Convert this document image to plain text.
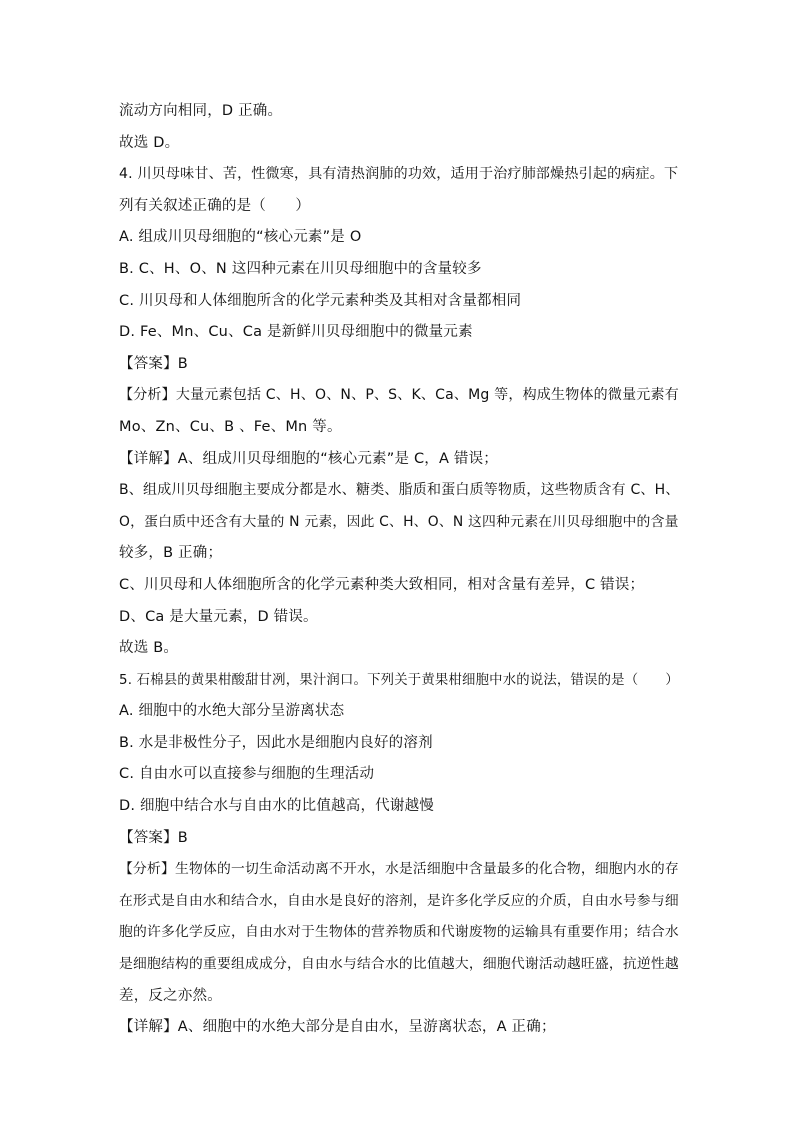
流动方向相同，D 正确。
故选 D。
4. 川贝母味甘、苦，性微寒，具有清热润肺的功效，适用于治疗肺部燥热引起的病症。下
列有关叙述正确的是（　　）
A. 组成川贝母细胞的“核心元素”是 O
B. C、H、O、N 这四种元素在川贝母细胞中的含量较多
C. 川贝母和人体细胞所含的化学元素种类及其相对含量都相同
D. Fe、Mn、Cu、Ca 是新鲜川贝母细胞中的微量元素
【答案】B
【分析】大量元素包括 C、H、O、N、P、S、K、Ca、Mg 等，构成生物体的微量元素有
Mo、Zn、Cu、B 、Fe、Mn 等。
【详解】A、组成川贝母细胞的“核心元素”是 C，A 错误；
B、组成川贝母细胞主要成分都是水、糖类、脂质和蛋白质等物质，这些物质含有 C、H、
O，蛋白质中还含有大量的 N 元素，因此 C、H、O、N 这四种元素在川贝母细胞中的含量
较多，B 正确；
C、川贝母和人体细胞所含的化学元素种类大致相同，相对含量有差异，C 错误；
D、Ca 是大量元素，D 错误。
故选 B。
5. 石棉县的黄果柑酸甜甘冽，果汁润口。下列关于黄果柑细胞中水的说法，错误的是（　　）
A. 细胞中的水绝大部分呈游离状态
B. 水是非极性分子，因此水是细胞内良好的溶剂
C. 自由水可以直接参与细胞的生理活动
D. 细胞中结合水与自由水的比值越高，代谢越慢
【答案】B
【分析】生物体的一切生命活动离不开水，水是活细胞中含量最多的化合物，细胞内水的存
在形式是自由水和结合水，自由水是良好的溶剂，是许多化学反应的介质，自由水号参与细
胞的许多化学反应，自由水对于生物体的营养物质和代谢废物的运输具有重要作用；结合水
是细胞结构的重要组成成分，自由水与结合水的比值越大，细胞代谢活动越旺盛，抗逆性越
差，反之亦然。
【详解】A、细胞中的水绝大部分是自由水，呈游离状态，A 正确；
